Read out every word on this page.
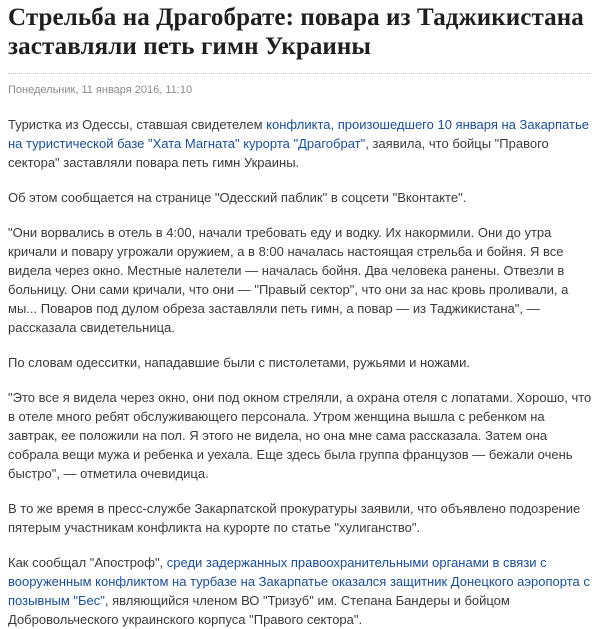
Стрельба на Драгобрате: повара из Таджикистана заставляли петь гимн Украины
Понедельник, 11 января 2016, 11:10

Туристка из Одессы, ставшая свидетелем конфликта, произошедшего 10 января на Закарпатье на туристической базе "Хата Магната" курорта "Драгобрат", заявила, что бойцы "Правого сектора" заставляли повара петь гимн Украины.

Об этом сообщается на странице "Одесский паблик" в соцсети "Вконтакте".

"Они ворвались в отель в 4:00, начали требовать еду и водку. Их накормили. Они до утра кричали и повару угрожали оружием, а в 8:00 началась настоящая стрельба и бойня. Я все видела через окно. Местные налетели — началась бойня. Два человека ранены. Отвезли в больницу. Они сами кричали, что они — "Правый сектор", что они за нас кровь проливали, а мы... Поваров под дулом обреза заставляли петь гимн, а повар — из Таджикистана", — рассказала свидетельница.

По словам одесситки, нападавшие были с пистолетами, ружьями и ножами.

"Это все я видела через окно, они под окном стреляли, а охрана отеля с лопатами. Хорошо, что в отеле много ребят обслуживающего персонала. Утром женщина вышла с ребенком на завтрак, ее положили на пол. Я этого не видела, но она мне сама рассказала. Затем она собрала вещи мужа и ребенка и уехала. Еще здесь была группа французов — бежали очень быстро", — отметила очевидица.

В то же время в пресс-службе Закарпатской прокуратуры заявили, что объявлено подозрение пятерым участникам конфликта на курорте по статье "хулиганство".

Как сообщал "Апостроф", среди задержанных правоохранительными органами в связи с вооруженным конфликтом на турбазе на Закарпатье оказался защитник Донецкого аэропорта с позывным "Бес", являющийся членом ВО "Тризуб" им. Степана Бандеры и бойцом Добровольческого украинского корпуса "Правого сектора".
